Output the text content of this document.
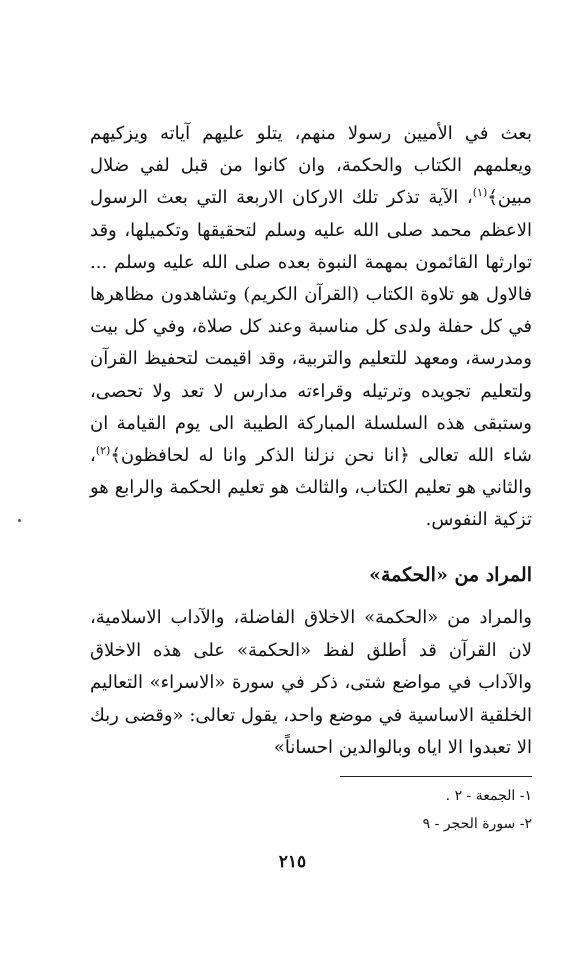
بعث في الأميين رسولا منهم، يتلو عليهم آياته ويزكيهم ويعلمهم الكتاب والحكمة، وان كانوا من قبل لفي ضلال مبين﴾$^{(١)}$، الآية تذكر تلك الاركان الاربعة التي بعث الرسول الاعظم محمد صلى الله عليه وسلم لتحقيقها وتكميلها، وقد توارثها القائمون بمهمة النبوة بعده صلى الله عليه وسلم ... فالاول هو تلاوة الكتاب (القرآن الكريم) وتشاهدون مظاهرها في كل حفلة ولدى كل مناسبة وعند كل صلاة، وفي كل بيت ومدرسة، ومعهد للتعليم والتربية، وقد اقيمت لتحفيظ القرآن ولتعليم تجويده وترتيله وقراءته مدارس لا تعد ولا تحصى، وستبقى هذه السلسلة المباركة الطيبة الى يوم القيامة ان شاء الله تعالى ﴿انا نحن نزلنا الذكر وانا له لحافظون﴾$^{(٢)}$، والثاني هو تعليم الكتاب، والثالث هو تعليم الحكمة والرابع هو تزكية النفوس.
المراد من «الحكمة»
والمراد من «الحكمة» الاخلاق الفاضلة، والآداب الاسلامية، لان القرآن قد أطلق لفظ «الحكمة» على هذه الاخلاق والآداب في مواضع شتى، ذكر في سورة «الاسراء» التعاليم الخلقية الاساسية في موضع واحد، يقول تعالى: «وقضى ربك الا تعبدوا الا اياه وبالوالدين احساناً»
١- الجمعة - ٢ .
٢- سورة الحجر - ٩
٢١٥
